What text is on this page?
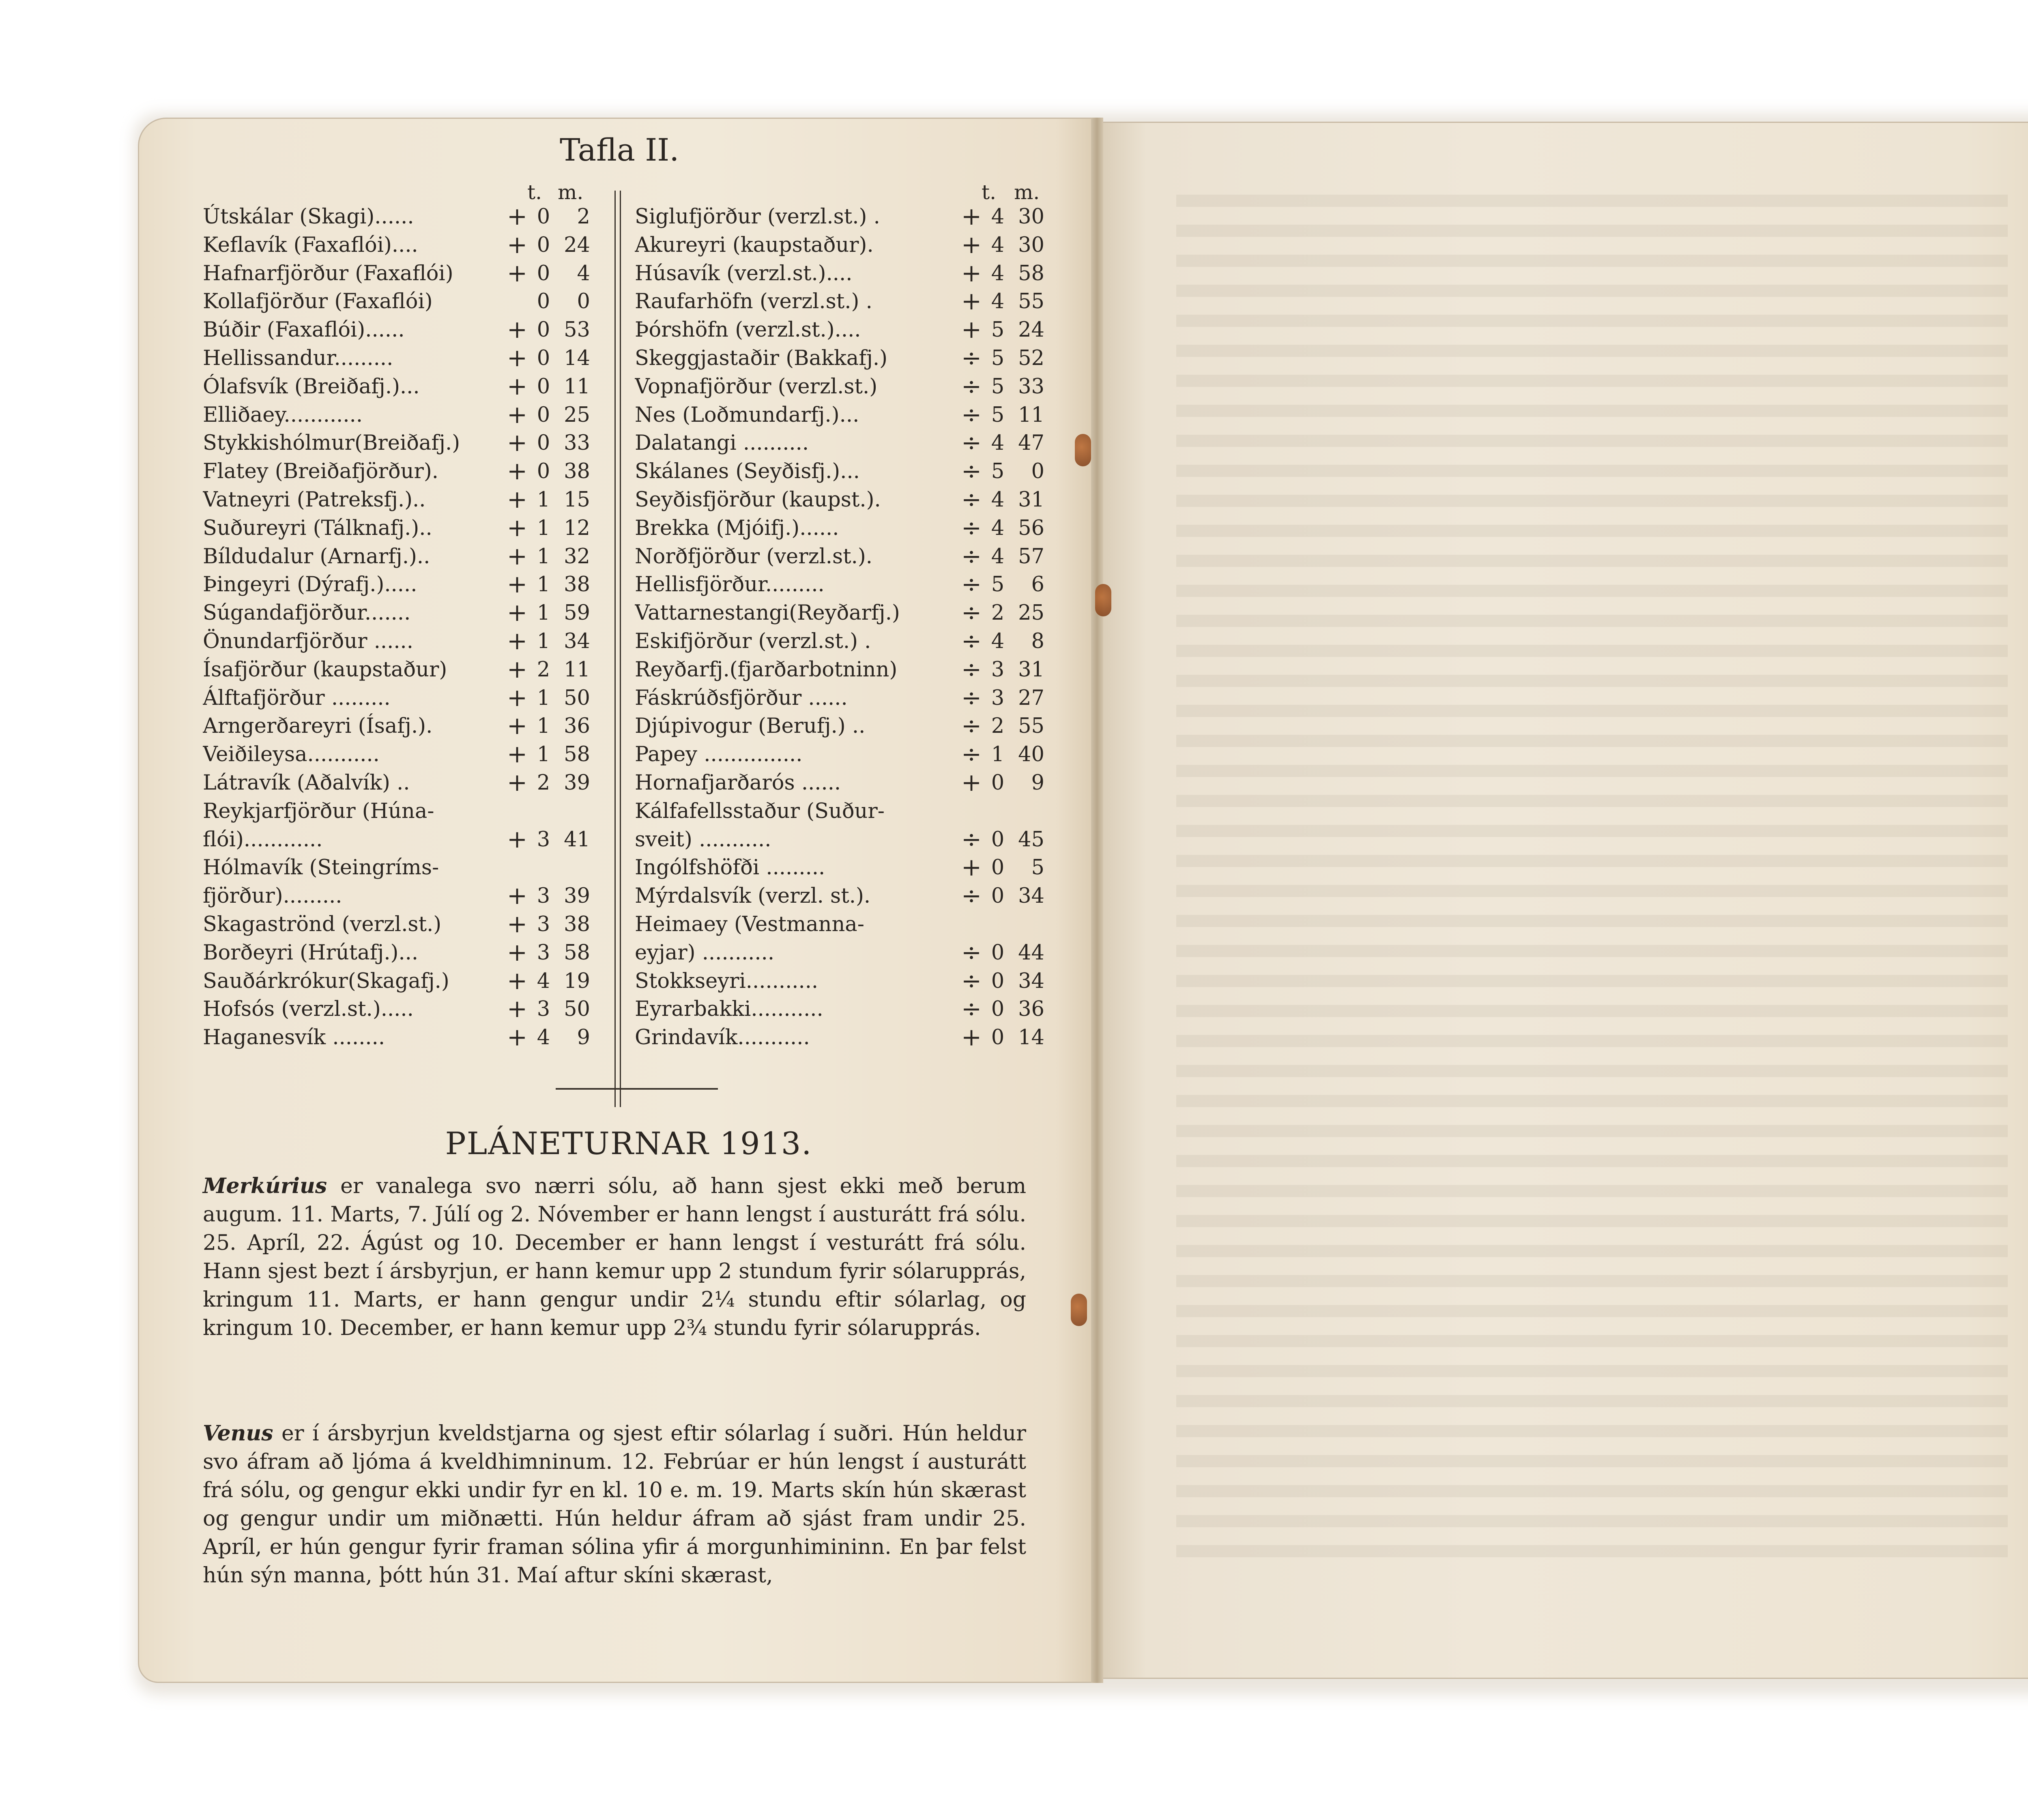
Tafla II.
t. m.	t. m.
Útskálar (Skagi)......	+ 0	2
Keflavík (Faxaflói)....	+ 0 24
Hafnarfjörður (Faxaflói)	+ 0	4
Kollafjörður (Faxaflói)	0	0
Búðir (Faxaflói)......	+ 0 53
Hellissandur.........	+ 0 14
Ólafsvík (Breiðafj.)...	+ 0 11
Elliðaey............	+ 0 25
Stykkishólmur(Breiðafj.)	+ 0 33
Flatey (Breiðafjörður).	+ 0 38
Vatneyri (Patreksfj.)..	+ 1 15
Suðureyri (Tálknafj.)..	+ 1 12
Bíldudalur (Arnarfj.)..	+ 1 32
Þingeyri (Dýrafj.).....	+ 1 38
Súgandafjörður.......	+ 1 59
Önundarfjörður ......	+ 1 34
Ísafjörður (kaupstaður)	+ 2 11
Álftafjörður .........	+ 1 50
Arngerðareyri (Ísafj.).	+ 1 36
Veiðileysa...........	+ 1 58
Látravík (Aðalvík) ..	+ 2 39
Reykjarfjörður (Húna-
flói)............	+ 3 41
Hólmavík (Steingríms-
fjörður).........	+ 3 39
Skagaströnd (verzl.st.)	+ 3 38
Borðeyri (Hrútafj.)...	+ 3 58
Sauðárkrókur(Skagafj.)	+ 4 19
Hofsós (verzl.st.).....	+ 3 50
Haganesvík ........	+ 4	9
Siglufjörður (verzl.st.) .	+ 4 30
Akureyri (kaupstaður).	+ 4 30
Húsavík (verzl.st.)....	+ 4 58
Raufarhöfn (verzl.st.) .	+ 4 55
Þórshöfn (verzl.st.)....	+ 5 24
Skeggjastaðir (Bakkafj.)	÷ 5 52
Vopnafjörður (verzl.st.)	÷ 5 33
Nes (Loðmundarfj.)...	÷ 5 11
Dalatangi ..........	÷ 4 47
Skálanes (Seyðisfj.)...	÷ 5	0
Seyðisfjörður (kaupst.).	÷ 4 31
Brekka (Mjóifj.)......	÷ 4 56
Norðfjörður (verzl.st.).	÷ 4 57
Hellisfjörður.........	÷ 5	6
Vattarnestangi(Reyðarfj.)	÷ 2 25
Eskifjörður (verzl.st.) .	÷ 4	8
Reyðarfj.(fjarðarbotninn)	÷ 3 31
Fáskrúðsfjörður ......	÷ 3 27
Djúpivogur (Berufj.) ..	÷ 2 55
Papey ...............	÷ 1 40
Hornafjarðarós ......	+ 0	9
Kálfafellsstaður (Suður-
sveit) ...........	÷ 0 45
Ingólfshöfði .........	+ 0	5
Mýrdalsvík (verzl. st.).	÷ 0 34
Heimaey (Vestmanna-
eyjar) ...........	÷ 0 44
Stokkseyri...........	÷ 0 34
Eyrarbakki...........	÷ 0 36
Grindavík...........	+ 0 14
PLÁNETURNAR 1913.
Merkúrius er vanalega svo nærri sólu, að hann sjest ekki með berum augum. 11. Marts, 7. Júlí og 2. Nóvember er hann lengst í austurátt frá sólu. 25. Apríl, 22. Ágúst og 10. December er hann lengst í vesturátt frá sólu. Hann sjest bezt í ársbyrjun, er hann kemur upp 2 stundum fyrir sólarupprás, kringum 11. Marts, er hann gengur undir 2¼ stundu eftir sólarlag, og kringum 10. December, er hann kemur upp 2¾ stundu fyrir sólarupprás.
Venus er í ársbyrjun kveldstjarna og sjest eftir sólarlag í suðri. Hún heldur svo áfram að ljóma á kveldhimninum. 12. Febrúar er hún lengst í austurátt frá sólu, og gengur ekki undir fyr en kl. 10 e. m. 19. Marts skín hún skærast og gengur undir um miðnætti. Hún heldur áfram að sjást fram undir 25. Apríl, er hún gengur fyrir framan sólina yfir á morgunhimininn. En þar felst hún sýn manna, þótt hún 31. Maí aftur skíni skærast,
